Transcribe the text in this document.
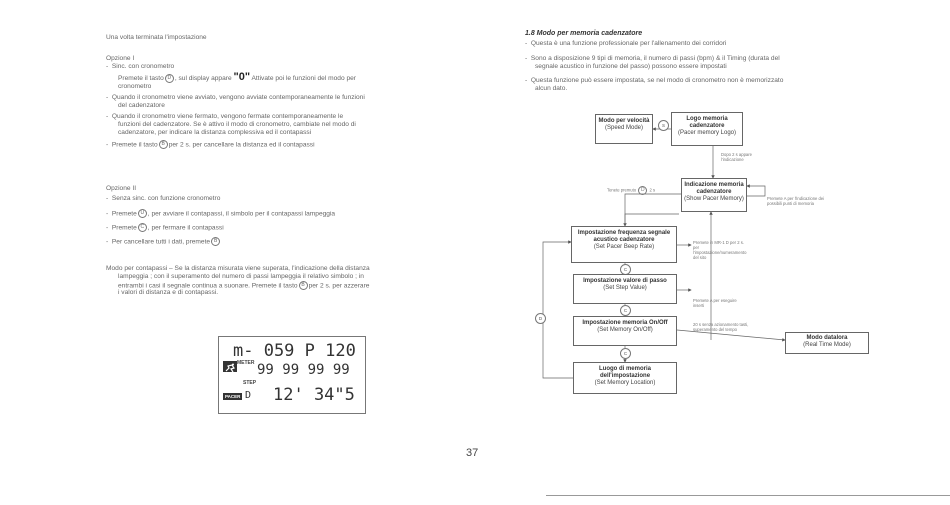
Una volta terminata l'impostazione
Opzione I
-  Sinc. con cronometro
Premete il tasto D , sul display appare "0" Attivate poi le funzioni del modo per
cronometro
-  Quando il cronometro viene avviato, vengono avviate contemporaneamente le funzioni
del cadenzatore
-  Quando il cronometro viene fermato, vengono fermate contemporaneamente le
funzioni del cadenzatore. Se è attivo il modo di cronometro, cambiate nel modo di
cadenzatore, per indicare la distanza complessiva ed il contapassi
-  Premete il tasto B per 2 s. per cancellare la distanza ed il contapassi
Opzione II
-  Senza sinc. con funzione cronometro
-  Premete U , per avviare il contapassi, il simbolo per il contapassi lampeggia
-  Premete C , per fermare il contapassi
-  Per cancellare tutti i dati, premete B
Modo per contapassi – Se la distanza misurata viene superata, l'indicazione della distanza
lampeggia ; con il superamento del numero di passi lampeggia il relativo simbolo ; in
entrambi i casi il segnale continua a suonare. Premete il tasto B per 2 s. per azzerare
i valori di distanza e di contapassi.
m- 059 P 120
METER 99 99 99 99
STEP
PACER D 12' 34"5
37
1.8 Modo per memoria cadenzatore
-  Questa è una funzione professionale per l'allenamento dei corridori
-  Sono a disposizione 9 tipi di memoria, il numero di passi (bpm) & il Timing (durata del
segnale acustico in funzione del passo) possono essere impostati
-  Questa funzione può essere impostata, se nel modo di cronometro non è memorizzato
alcun dato.
Modo per velocità
(Speed Mode)	S
Logo memoria cadenzatore
(Pacer memory Logo)
Dopo 2 s appare l'indicazione
Tenete premuto D 2 s
Indicazione memoria cadenzatore
(Show Pacer Memory)	Premete A per l'indicazione dei possibili punti di memoria
Impostazione frequenza segnale acustico cadenzatore
(Set Pacer Beep Rate)
Premete in MR-1 D per 2 s. per l'impostazione/numeramento del sito
C
Impostazione valore di passo
(Set Step Value)
Premete A per eseguire inserti
C
D
Impostazione memoria On/Off
(Set Memory On/Off)
20 s senza azionamento tasti, superamento del tempo
C
Luogo di memoria dell'impostazione
(Set Memory Location)
Modo datalora
(Real Time Mode)
